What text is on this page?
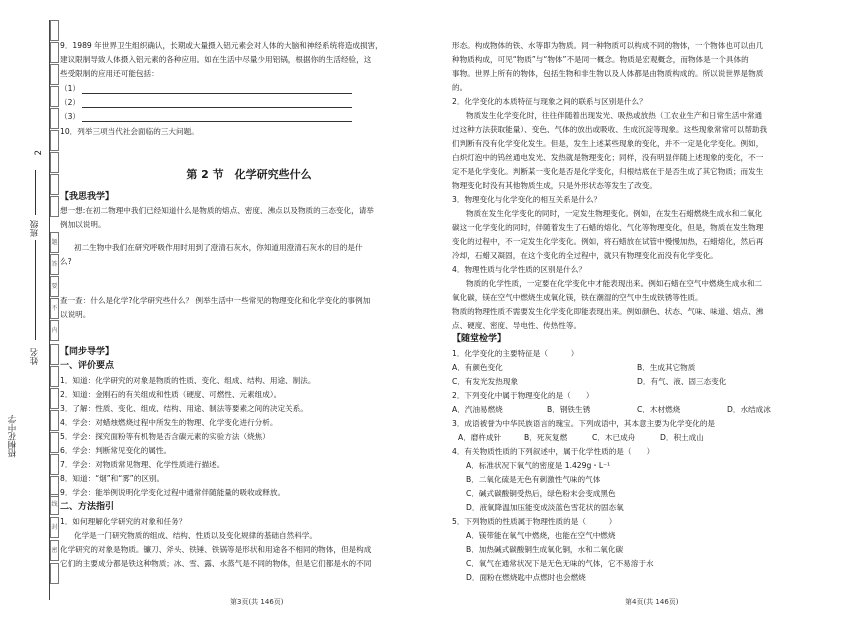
梧桐花中学
姓名
班级
2
密
封
线
内
不
要
答
题
9．1989 年世界卫生组织确认，长期或大量摄入铝元素会对人体的大脑和神经系统将造成损害，
建议限制导致人体摄入铝元素的各种应用。如在生活中尽量少用铝锅，根据你的生活经验，这
些受限制的应用还可能包括：
（1）
（2）
（3）
10．列举三项当代社会面临的三大问题。
第 2 节　化学研究些什么
【我思我学】
想一想:在初二物理中我们已经知道什么是物质的熔点、密度、沸点以及物质的三态变化，请举
例加以说明。
初二生物中我们在研究呼吸作用时用到了澄清石灰水，你知道用澄清石灰水的目的是什
么?
查一查：什么是化学?化学研究些什么？ 例举生活中一些常见的物理变化和化学变化的事例加
以说明。
【同步导学】
一、评价要点
二、方法指引
1．如何理解化学研究的对象和任务？
化学是一门研究物质的组成、结构、性质以及变化规律的基础自然科学。
化学研究的对象是物质。镰刀、斧头、铁锤、铁锅等是形状和用途各不相同的物体，但是构成
它们的主要成分都是铁这种物质；冰、雪、露、水蒸气是不同的物体，但是它们都是水的不同
1．知道：化学研究的对象是物质的性质、变化、组成、结构、用途、制法。
2．知道：金刚石的有关组成和性质（硬度、可燃性、元素组成）。
3．了解：性质、变化、组成、结构、用途、制法等要素之间的决定关系。
4．学会：对蜡烛燃烧过程中所发生的物理、化学变化进行分析。
5．学会：探究面粉等有机物是否含碳元素的实验方法（烧焦）
6．学会：判断常见变化的属性。
7．学会：对物质常见物理、化学性质进行描述。
8．知道：“烟”和“雾”的区别。
9．学会：能举例说明化学变化过程中通常伴随能量的吸收或释放。
第3页(共 146页)
形态。构成物体的铁、水等即为物质。同一种物质可以构成不同的物体，一个物体也可以由几
种物质构成，可见“物质”与“物体”不是同一概念。物质是宏观概念，而物体是一个具体的
事物。世界上所有的物体，包括生物和非生物以及人体都是由物质构成的。所以说世界是物质
的。
2．化学变化的本质特征与现象之间的联系与区别是什么？
物质发生化学变化时，往往伴随着出现发光、吸热或放热（工农业生产和日常生活中常通
过这种方法获取能量）、变色、气体的放出或吸收、生成沉淀等现象。这些现象常常可以帮助我
们判断有没有化学变化发生。但是，发生上述某些现象的变化，并不一定是化学变化。例如，
白炽灯泡中的钨丝通电发光、发热就是物理变化；同样，没有明显伴随上述现象的变化，不一
定不是化学变化。判断某一变化是否是化学变化，归根结底在于是否生成了其它物质；而发生
物理变化时没有其他物质生成，只是外形状态等发生了改变。
3．物理变化与化学变化的相互关系是什么？
物质在发生化学变化的同时，一定发生物理变化。例如，在发生石蜡燃烧生成水和二氧化
碳这一化学变化的同时，伴随着发生了石蜡的熔化、气化等物理变化，但是，物质在发生物理
变化的过程中，不一定发生化学变化。例如，将石蜡放在试管中慢慢加热，石蜡熔化，然后再
冷却，石蜡又凝固，在这个变化的全过程中，就只有物理变化而没有化学变化。
4．物理性质与化学性质的区别是什么？
物质的化学性质，一定要在化学变化中才能表现出来。例如石蜡在空气中燃烧生成水和二
氧化碳，镁在空气中燃烧生成氧化镁，铁在潮湿的空气中生成铁锈等性质。
物质的物理性质不需要发生化学变化即能表现出来。例如颜色、状态、气味、味道、熔点、沸
点、硬度、密度、导电性、传热性等。
【随堂检学】
1．化学变化的主要特征是（　　　）
A．有颜色变化	B．生成其它物质
C．有发光发热现象	D．有气、液、固三态变化
2．下列变化中属于物理变化的是（　　）
A．汽油易燃烧	B．钢铁生锈	C．木材燃烧	D．水结成冰
3．成语被誉为中华民族语言的瑰宝。下列成语中，其本意主要为化学变化的是
A．磨杵成针	B．死灰复燃	C．木已成舟	D．积土成山
4．有关物质性质的下列叙述中，属于化学性质的是（　　）
A．标准状况下氧气的密度是 1.429g・L⁻¹
B．二氧化硫是无色有刺激性气味的气体
C．碱式碳酸铜受热后，绿色粉末会变成黑色
D．液氧降温加压能变成淡蓝色雪花状的固态氧
5．下列物质的性质属于物理性质的是（　　　）
A．镁带能在氧气中燃烧，也能在空气中燃烧
B．加热碱式碳酸铜生成氧化铜，水和二氧化碳
C．氧气在通常状况下是无色无味的气体，它不易溶于水
D．面粉在燃烧匙中点燃时也会燃烧
第4页(共 146页)
